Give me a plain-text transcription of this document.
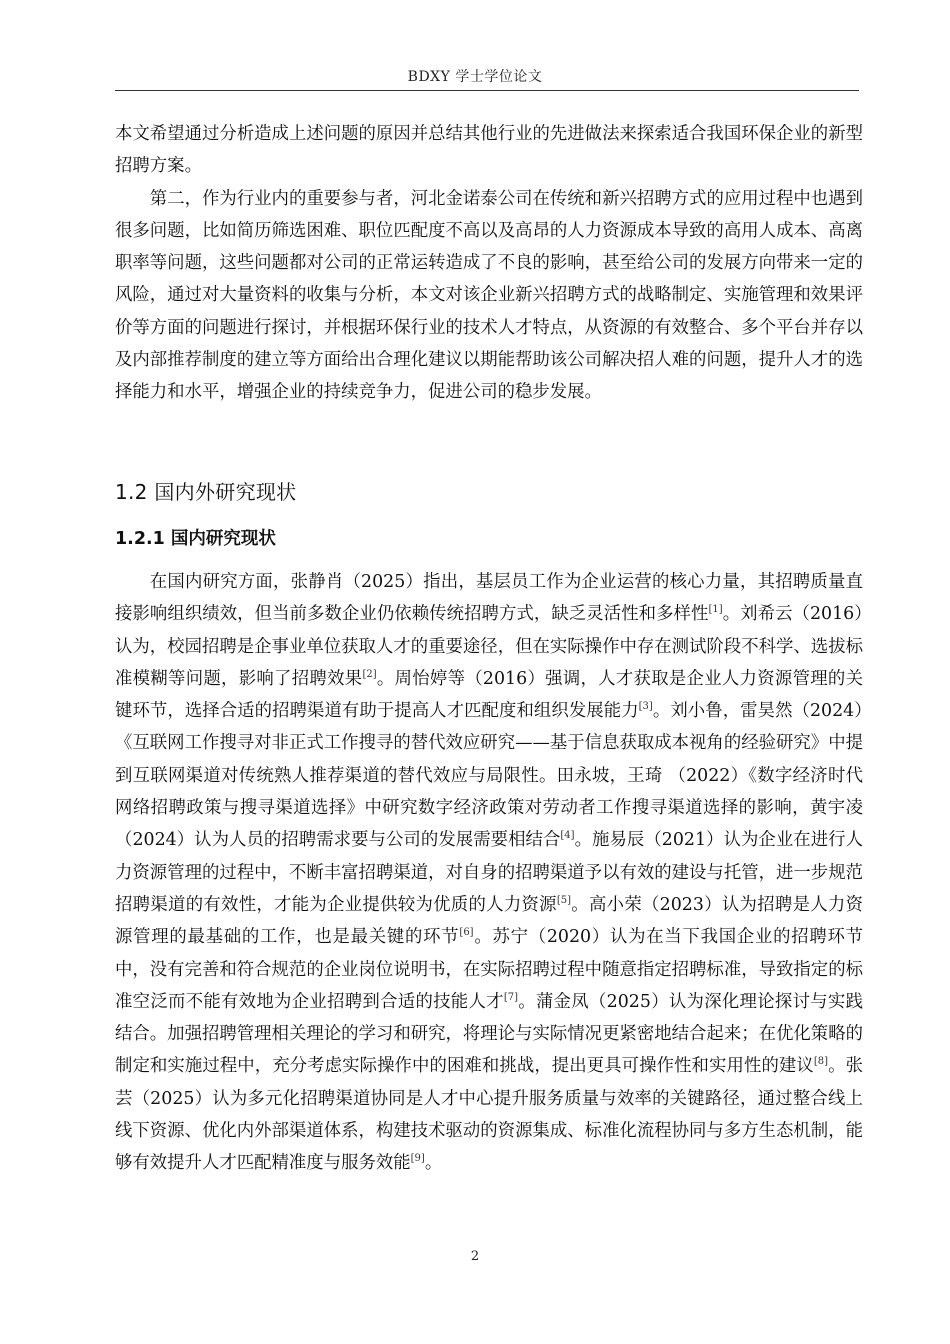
BDXY 学士学位论文

本文希望通过分析造成上述问题的原因并总结其他行业的先进做法来探索适合我国环保企业的新型招聘方案。

第二，作为行业内的重要参与者，河北金诺泰公司在传统和新兴招聘方式的应用过程中也遇到很多问题，比如简历筛选困难、职位匹配度不高以及高昂的人力资源成本导致的高用人成本、高离职率等问题，这些问题都对公司的正常运转造成了不良的影响，甚至给公司的发展方向带来一定的风险，通过对大量资料的收集与分析，本文对该企业新兴招聘方式的战略制定、实施管理和效果评价等方面的问题进行探讨，并根据环保行业的技术人才特点，从资源的有效整合、多个平台并存以及内部推荐制度的建立等方面给出合理化建议以期能帮助该公司解决招人难的问题，提升人才的选择能力和水平，增强企业的持续竞争力，促进公司的稳步发展。

1.2 国内外研究现状
1.2.1 国内研究现状

在国内研究方面，张静肖（2025）指出，基层员工作为企业运营的核心力量，其招聘质量直接影响组织绩效，但当前多数企业仍依赖传统招聘方式，缺乏灵活性和多样性[1]。刘希云（2016）认为，校园招聘是企事业单位获取人才的重要途径，但在实际操作中存在测试阶段不科学、选拔标准模糊等问题，影响了招聘效果[2]。周怡婷等（2016）强调，人才获取是企业人力资源管理的关键环节，选择合适的招聘渠道有助于提高人才匹配度和组织发展能力[3]。刘小鲁，雷昊然（2024）《互联网工作搜寻对非正式工作搜寻的替代效应研究——基于信息获取成本视角的经验研究》中提到互联网渠道对传统熟人推荐渠道的替代效应与局限性。田永坡，王琦 （2022）《数字经济时代网络招聘政策与搜寻渠道选择》中研究数字经济政策对劳动者工作搜寻渠道选择的影响，黄宇凌（2024）认为人员的招聘需求要与公司的发展需要相结合[4]。施易辰（2021）认为企业在进行人力资源管理的过程中，不断丰富招聘渠道，对自身的招聘渠道予以有效的建设与托管，进一步规范招聘渠道的有效性，才能为企业提供较为优质的人力资源[5]。高小荣（2023）认为招聘是人力资源管理的最基础的工作，也是最关键的环节[6]。苏宁（2020）认为在当下我国企业的招聘环节中，没有完善和符合规范的企业岗位说明书，在实际招聘过程中随意指定招聘标准，导致指定的标准空泛而不能有效地为企业招聘到合适的技能人才[7]。蒲金凤（2025）认为深化理论探讨与实践结合。加强招聘管理相关理论的学习和研究，将理论与实际情况更紧密地结合起来；在优化策略的制定和实施过程中，充分考虑实际操作中的困难和挑战，提出更具可操作性和实用性的建议[8]。张芸（2025）认为多元化招聘渠道协同是人才中心提升服务质量与效率的关键路径，通过整合线上线下资源、优化内外部渠道体系，构建技术驱动的资源集成、标准化流程协同与多方生态机制，能够有效提升人才匹配精准度与服务效能[9]。

2
